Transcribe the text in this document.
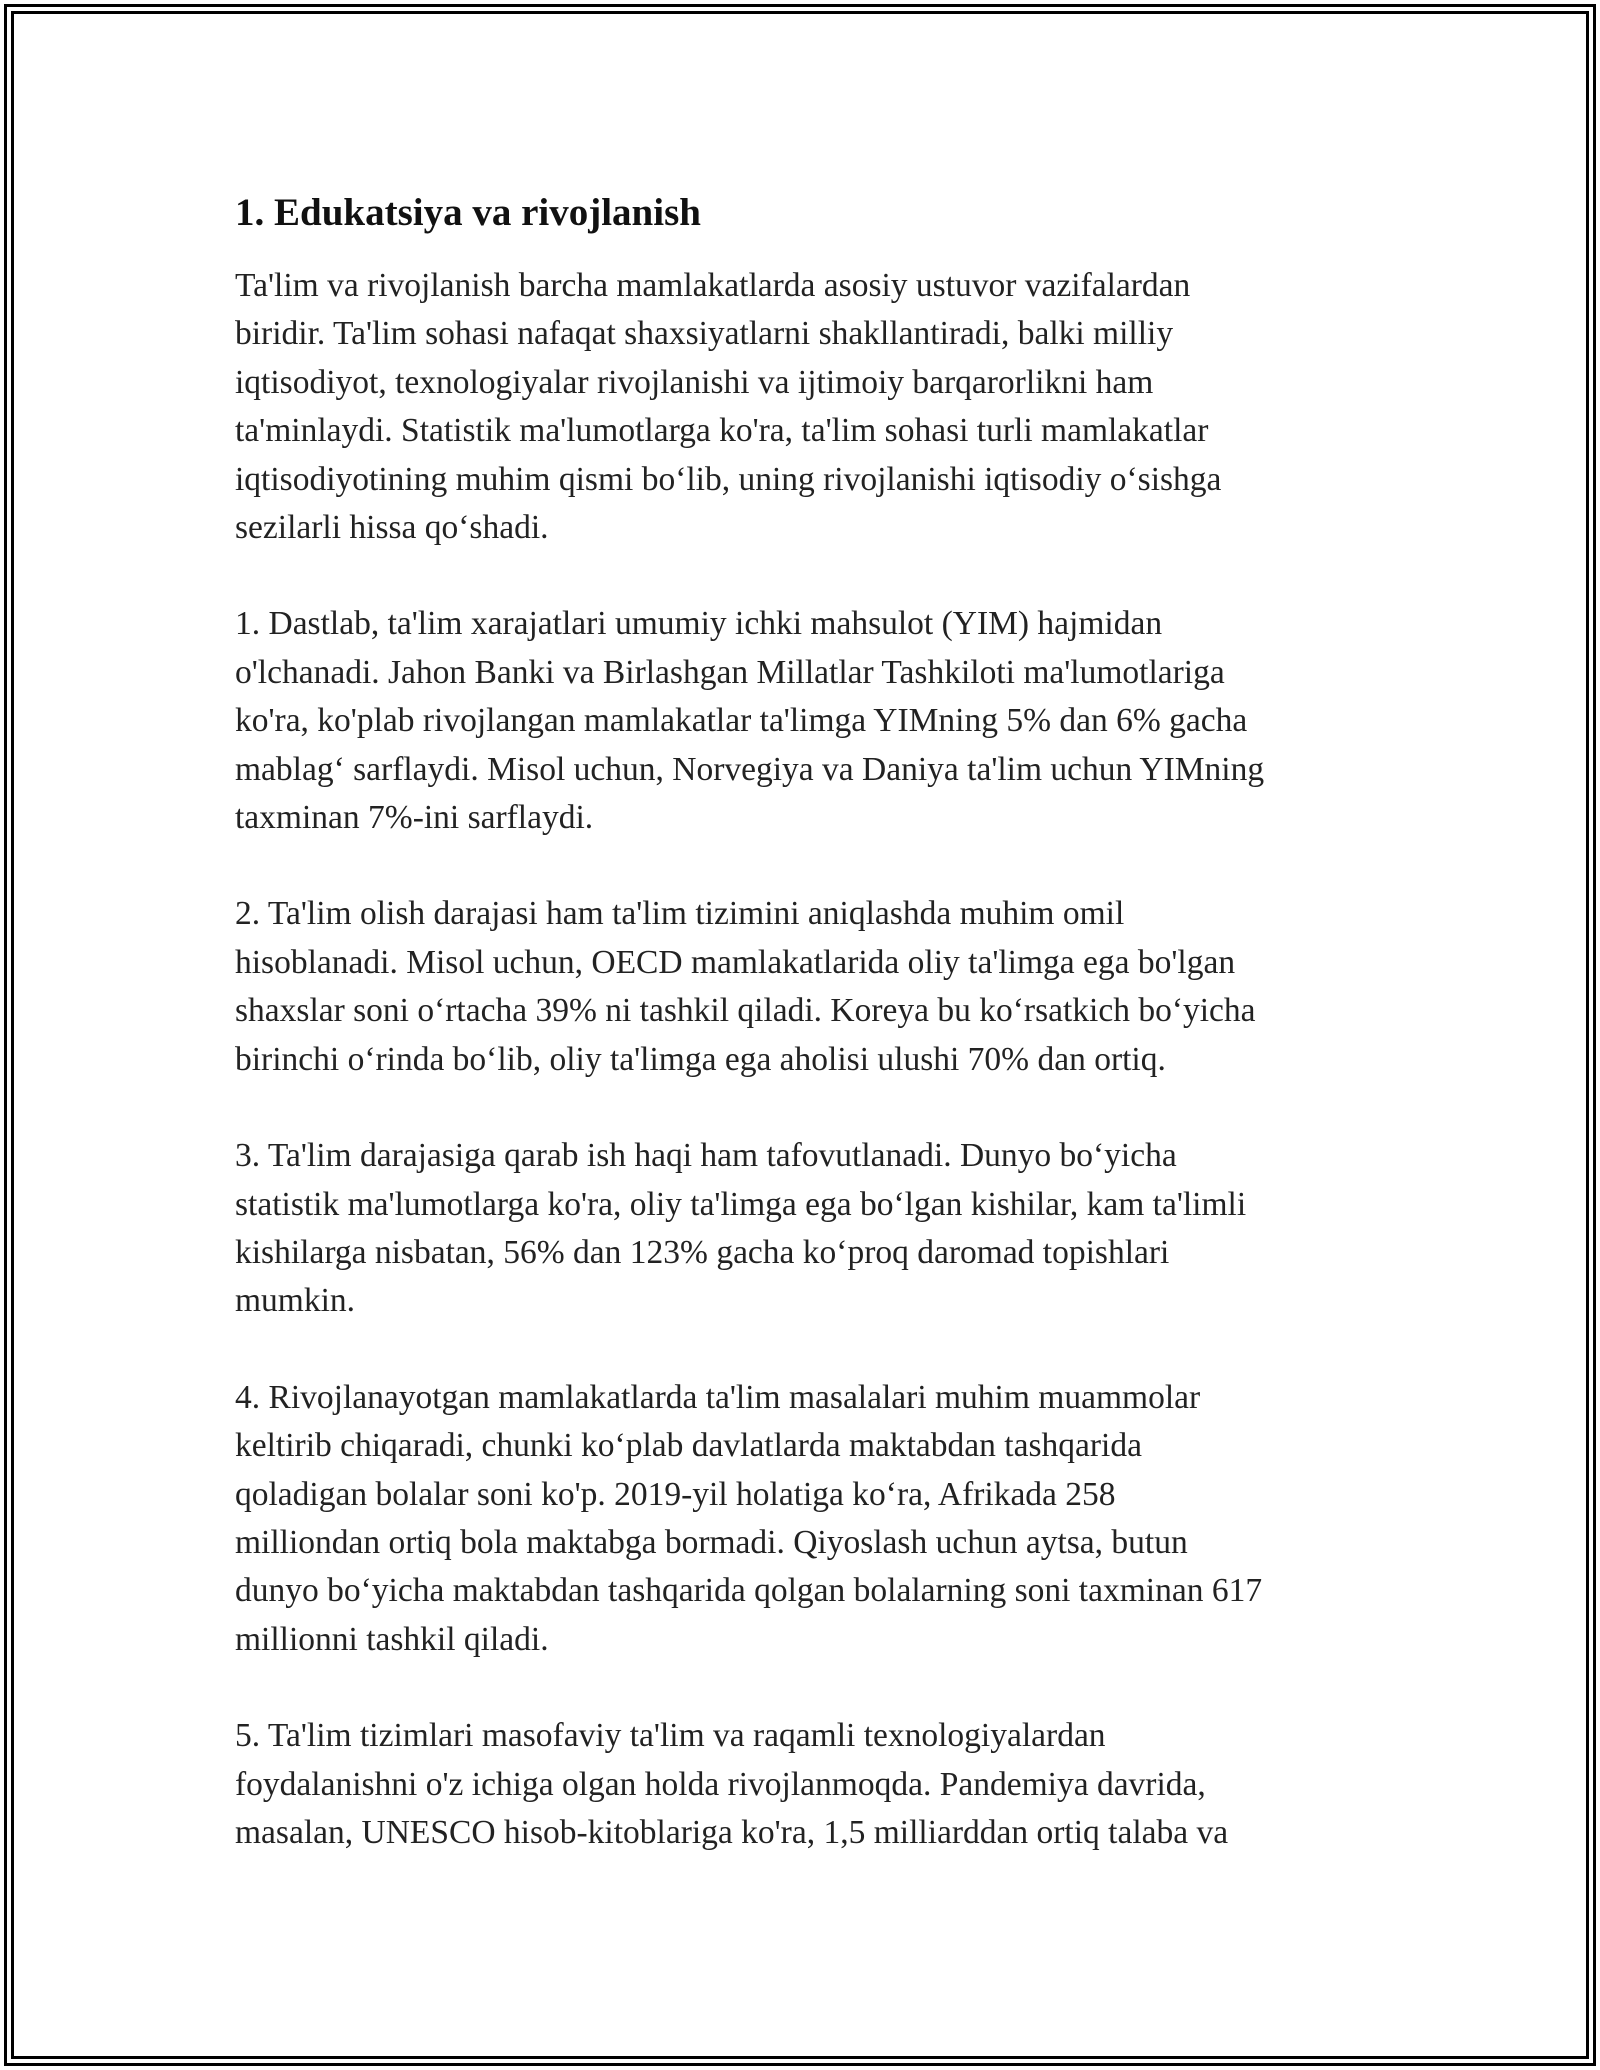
1. Edukatsiya va rivojlanish

Ta'lim va rivojlanish barcha mamlakatlarda asosiy ustuvor vazifalardan
biridir. Ta'lim sohasi nafaqat shaxsiyatlarni shakllantiradi, balki milliy
iqtisodiyot, texnologiyalar rivojlanishi va ijtimoiy barqarorlikni ham
ta'minlaydi. Statistik ma'lumotlarga ko'ra, ta'lim sohasi turli mamlakatlar
iqtisodiyotining muhim qismi boʻlib, uning rivojlanishi iqtisodiy oʻsishga
sezilarli hissa qoʻshadi.

1. Dastlab, ta'lim xarajatlari umumiy ichki mahsulot (YIM) hajmidan
o'lchanadi. Jahon Banki va Birlashgan Millatlar Tashkiloti ma'lumotlariga
ko'ra, ko'plab rivojlangan mamlakatlar ta'limga YIMning 5% dan 6% gacha
mablagʻ sarflaydi. Misol uchun, Norvegiya va Daniya ta'lim uchun YIMning
taxminan 7%-ini sarflaydi.

2. Ta'lim olish darajasi ham ta'lim tizimini aniqlashda muhim omil
hisoblanadi. Misol uchun, OECD mamlakatlarida oliy ta'limga ega bo'lgan
shaxslar soni oʻrtacha 39% ni tashkil qiladi. Koreya bu koʻrsatkich boʻyicha
birinchi oʻrinda boʻlib, oliy ta'limga ega aholisi ulushi 70% dan ortiq.

3. Ta'lim darajasiga qarab ish haqi ham tafovutlanadi. Dunyo boʻyicha
statistik ma'lumotlarga ko'ra, oliy ta'limga ega boʻlgan kishilar, kam ta'limli
kishilarga nisbatan, 56% dan 123% gacha koʻproq daromad topishlari
mumkin.

4. Rivojlanayotgan mamlakatlarda ta'lim masalalari muhim muammolar
keltirib chiqaradi, chunki koʻplab davlatlarda maktabdan tashqarida
qoladigan bolalar soni ko'p. 2019-yil holatiga koʻra, Afrikada 258
milliondan ortiq bola maktabga bormadi. Qiyoslash uchun aytsa, butun
dunyo boʻyicha maktabdan tashqarida qolgan bolalarning soni taxminan 617
millionni tashkil qiladi.

5. Ta'lim tizimlari masofaviy ta'lim va raqamli texnologiyalardan
foydalanishni o'z ichiga olgan holda rivojlanmoqda. Pandemiya davrida,
masalan, UNESCO hisob-kitoblariga ko'ra, 1,5 milliarddan ortiq talaba va
